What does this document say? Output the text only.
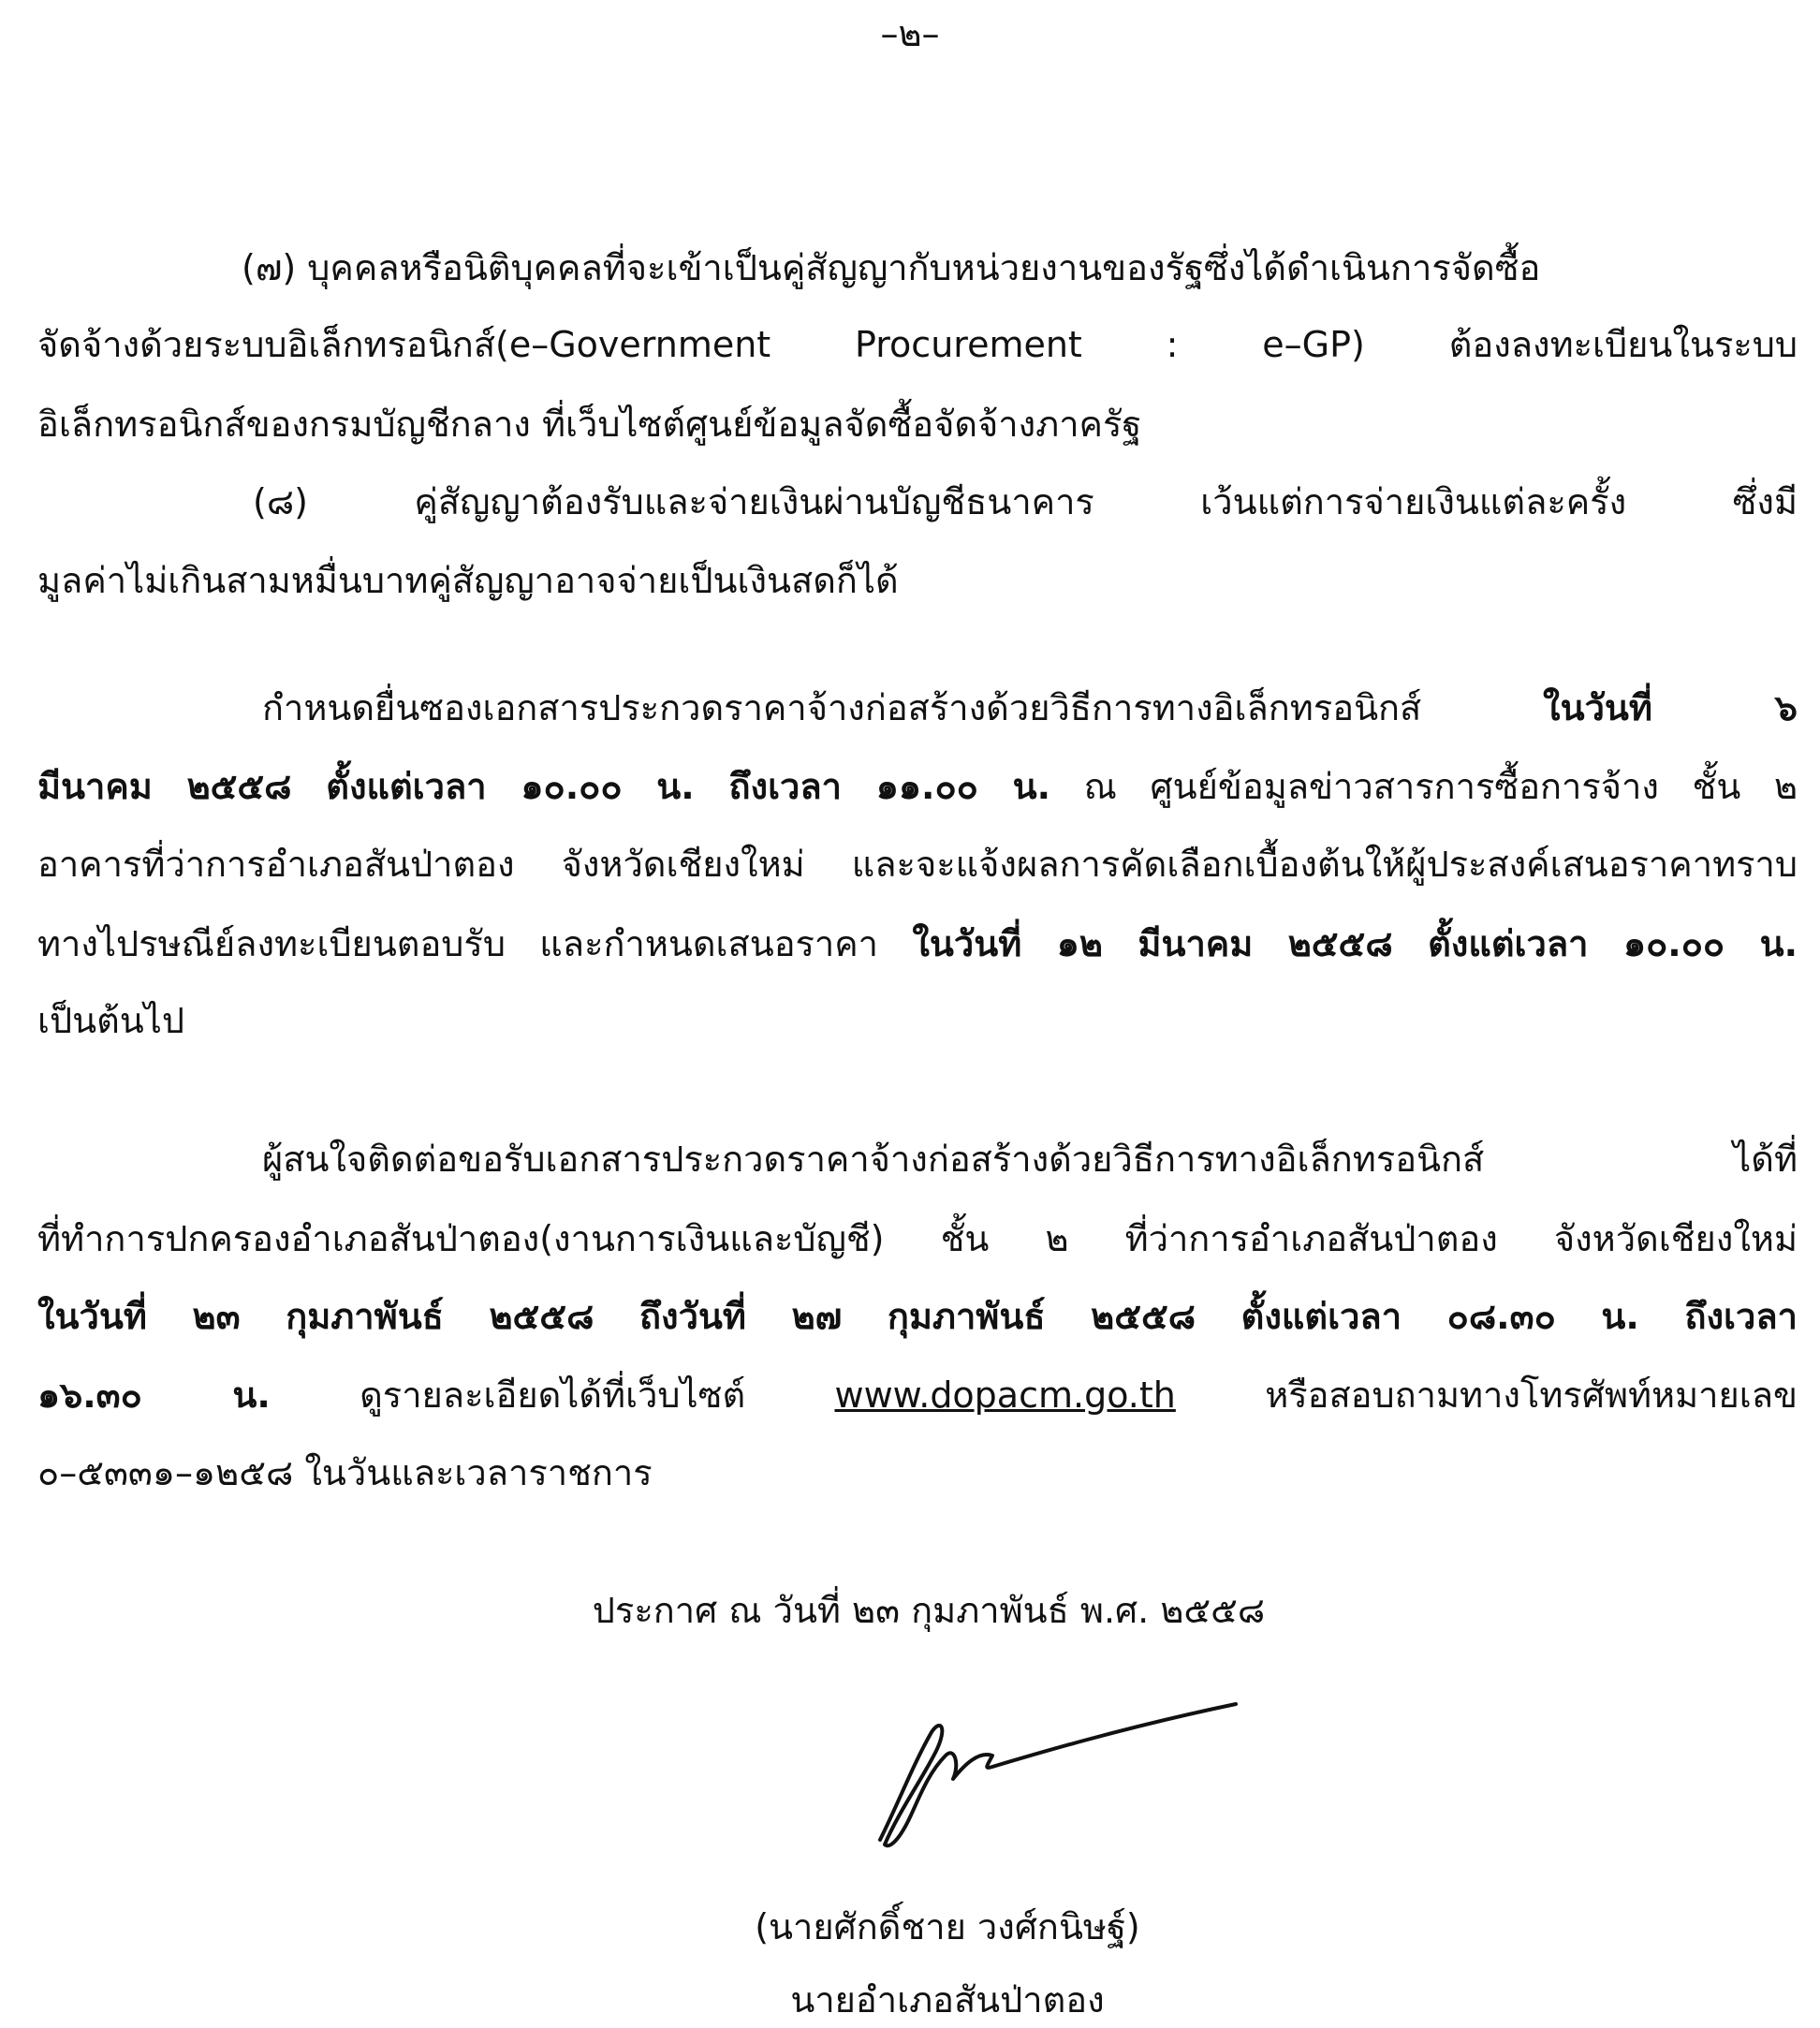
–๒–
(๗) บุคคลหรือนิติบุคคลที่จะเข้าเป็นคู่สัญญากับหน่วยงานของรัฐซึ่งได้ดำเนินการจัดซื้อ
จัดจ้างด้วยระบบอิเล็กทรอนิกส์(e–Government Procurement : e–GP) ต้องลงทะเบียนในระบบ
อิเล็กทรอนิกส์ของกรมบัญชีกลาง ที่เว็บไซต์ศูนย์ข้อมูลจัดซื้อจัดจ้างภาครัฐ
(๘) คู่สัญญาต้องรับและจ่ายเงินผ่านบัญชีธนาคาร เว้นแต่การจ่ายเงินแต่ละครั้ง ซึ่งมี
มูลค่าไม่เกินสามหมื่นบาทคู่สัญญาอาจจ่ายเป็นเงินสดก็ได้
กำหนดยื่นซองเอกสารประกวดราคาจ้างก่อสร้างด้วยวิธีการทางอิเล็กทรอนิกส์ ในวันที่ ๖
มีนาคม ๒๕๕๘ ตั้งแต่เวลา ๑๐.๐๐ น. ถึงเวลา ๑๑.๐๐ น. ณ ศูนย์ข้อมูลข่าวสารการซื้อการจ้าง ชั้น ๒
อาคารที่ว่าการอำเภอสันป่าตอง จังหวัดเชียงใหม่ และจะแจ้งผลการคัดเลือกเบื้องต้นให้ผู้ประสงค์เสนอราคาทราบ
ทางไปรษณีย์ลงทะเบียนตอบรับ และกำหนดเสนอราคา ในวันที่ ๑๒ มีนาคม ๒๕๕๘ ตั้งแต่เวลา ๑๐.๐๐ น.
เป็นต้นไป
ผู้สนใจติดต่อขอรับเอกสารประกวดราคาจ้างก่อสร้างด้วยวิธีการทางอิเล็กทรอนิกส์ ได้ที่
ที่ทำการปกครองอำเภอสันป่าตอง(งานการเงินและบัญชี) ชั้น ๒ ที่ว่าการอำเภอสันป่าตอง จังหวัดเชียงใหม่
ในวันที่ ๒๓ กุมภาพันธ์ ๒๕๕๘ ถึงวันที่ ๒๗ กุมภาพันธ์ ๒๕๕๘ ตั้งแต่เวลา ๐๘.๓๐ น. ถึงเวลา
๑๖.๓๐ น. ดูรายละเอียดได้ที่เว็บไซต์ www.dopacm.go.th หรือสอบถามทางโทรศัพท์หมายเลข
๐–๕๓๓๑–๑๒๕๘ ในวันและเวลาราชการ
ประกาศ ณ วันที่ ๒๓ กุมภาพันธ์ พ.ศ. ๒๕๕๘
(นายศักดิ์ชาย วงศ์กนิษฐ์)
นายอำเภอสันป่าตอง
